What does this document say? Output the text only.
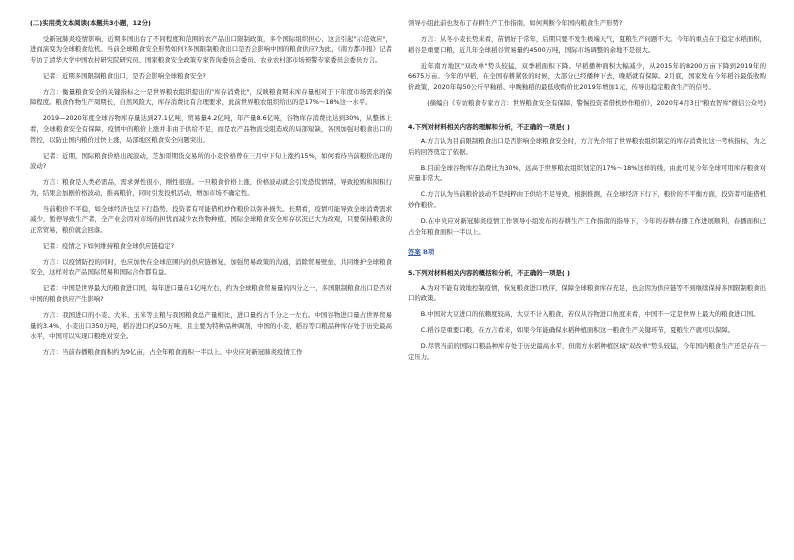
(二)实用类文本阅读(本题共3小题，12分)

受新冠肺炎疫情影响，近期多国出台了不同程度和范围的农产品出口限制政策，多个国际组织担心，这会引起"示范效应"，进而演变为全球粮食危机。当前全球粮食安全形势如何?多国限制粮食出口是否会影响中国的粮食供应?为此，《南方都市报》记者专访了清华大学中国农村研究院研究员、国家粮食安全政策专家咨询委员会委员、农业农村部市场预警专家委员会委员方言。

记者：近期多国限制粮食出口，是否会影响全球粮食安全?

方言：衡量粮食安全的关键指标之一是世界粮农组织提出的"库存消费比"，反映粮食期末库存量相对于下年度市场需求的保障程度。粮食作物生产周期长，自然风险大，库存消费比有合理要求，此前世界粮农组织给出的是17%～18%这一水平。

2019—2020年度全球谷物库存量达到27.1亿吨，贸易量4.2亿吨，年产量8.6亿吨，谷物库存消费比达到30%，从整体上看，全球粮食安全有保障，疫情中的粮价上涨并非由于供给不足，而是农产品物流受阻造成的局部短缺，各国加强对粮食出口的管控，以防止国内粮价过快上涨，局部地区粮食安全问题突出。

记者：近期，国际粮食价格出现波动，芝加哥期货交易所的小麦价格曾在三月中下旬上涨约15%，如何看待当前粮价出现的波动?

方言：粮食是人类必需品，需求弹性很小，刚性很强。一旦粮食价格上涨，价格波动就会引发恐慌情绪，导致抢购和囤积行为，结果会加剧价格波动，推高粮价，同时引发投机活动，增加市场不确定性。

当前粮价不平稳，如全球经济也呈下行趋势，投资者有可能借机炒作粮价以弥补损失。长期看，疫情可能导致全球消费需求减少，暂停导致生产者，全产业会因对市场的担忧而减少农作物种植，国际全球粮食安全库存状况已大为改观，只要保持粮食的正常贸易，粮价就会回落。

记者：疫情之下如何维持粮食全球供应链稳定?

方言：以疫情防控的同时，也应加快在全球范围内的供应链修复，加强贸易政策的沟通，消除贸易壁垒，共同维护全球粮食安全，这样对农产品国际贸易和国际合作都有益。

记者：中国是世界最大的粮食进口国，每年进口量在1亿吨左右，约为全球粮食贸易量的四分之一，多国限制粮食出口是否对中国的粮食供应产生影响?

方言：我国进口的小麦、大米、玉米等主粮与我国粮食总产量相比，进口量约占千分之一左右。中国谷物进口量占世界贸易量的3.4%，小麦出口350万吨，稻谷进口约250万吨，且主要为特种品种调剂，中国的小麦、稻谷等口粮品种库存处于历史最高水平，中国可以实现口粮绝对安全。

方言：当前春播粮食面积约为9亿亩，占全年粮食面积一半以上。中央应对新冠肺炎疫情工作

领导小组此前也发布了春耕生产工作指南，如何判断今年国内粮食生产形势?

方言：从冬小麦长势来看，苗情好于常年，后期只要不发生极端天气，夏粮生产问题不大。今年的重点在于稳定水稻面积，稻谷是重要口粮，近几年全球稻谷贸易量约4500万吨，国际市场调整的余地不是很大。

近年南方地区"双改单"势头较猛，双季稻面积下降。早稻播种面积大幅减少，从2015年的8200万亩下降到2019年的6675万亩。今年的早稻，在全国春耕紧张的时候，大部分已经播种下去，晚稻就有保障。2月底，国家发布今年稻谷最低收购价政策，2020年每50公斤早籼稻、中晚籼稻的最低收购价比2019年增加1元，传导出稳定粮食生产的信号。

(摘编自《专访粮食专家方言：世界粮食安全有保障，警惕投资者借机炒作粮价》，2020年4月3日"粮农智库"微信公众号)

4.下列对材料相关内容的理解和分析，不正确的一项是( )

A.方言认为目前限制粮食出口是否影响全球粮食安全时，方言先介绍了世界粮农组织制定的库存消费比这一考核指标，为之后的回答奠定了依据。

B.目前全球谷物库存消费比为30%，远高于世界粮农组织划定的17%～18%这样的线，由此可见今年全球可用库存粮食对应量非常大。

C.方言认为当前粮价波动不是纯粹由于供给不足导致，根据推测，在全球经济下行下，粮价的不平衡方面，投资者可能借机炒作粮价。

D.在中央应对新冠肺炎疫情工作领导小组发布的春耕生产工作指南的指导下，今年的春耕春播工作进展顺利，春播面积已占全年粮食面积一半以上。

答案 B项

5.下列对材料相关内容的概括和分析，不正确的一项是( )

A.为对不能有效地控制疫情，恢复粮食进口秩序，保障全球粮食库存充足，也会因为供应链等不到继续保持多国限制粮食出口的政策。

B.中国对大豆进口的依赖度较高，大豆不计入粮食，若仅从谷物进口角度来看，中国不一定是世界上最大的粮食进口国。

C.稻谷是重要口粮，在方言看来，如果今年能确保水稻种植面积这一粮食生产关键环节，夏粮生产就可以保障。

D.尽管当前的国际口粮品种库存处于历史最高水平，但南方水稻种植区域"双改单"势头较猛，今年国内粮食生产还是存在一定压力。
